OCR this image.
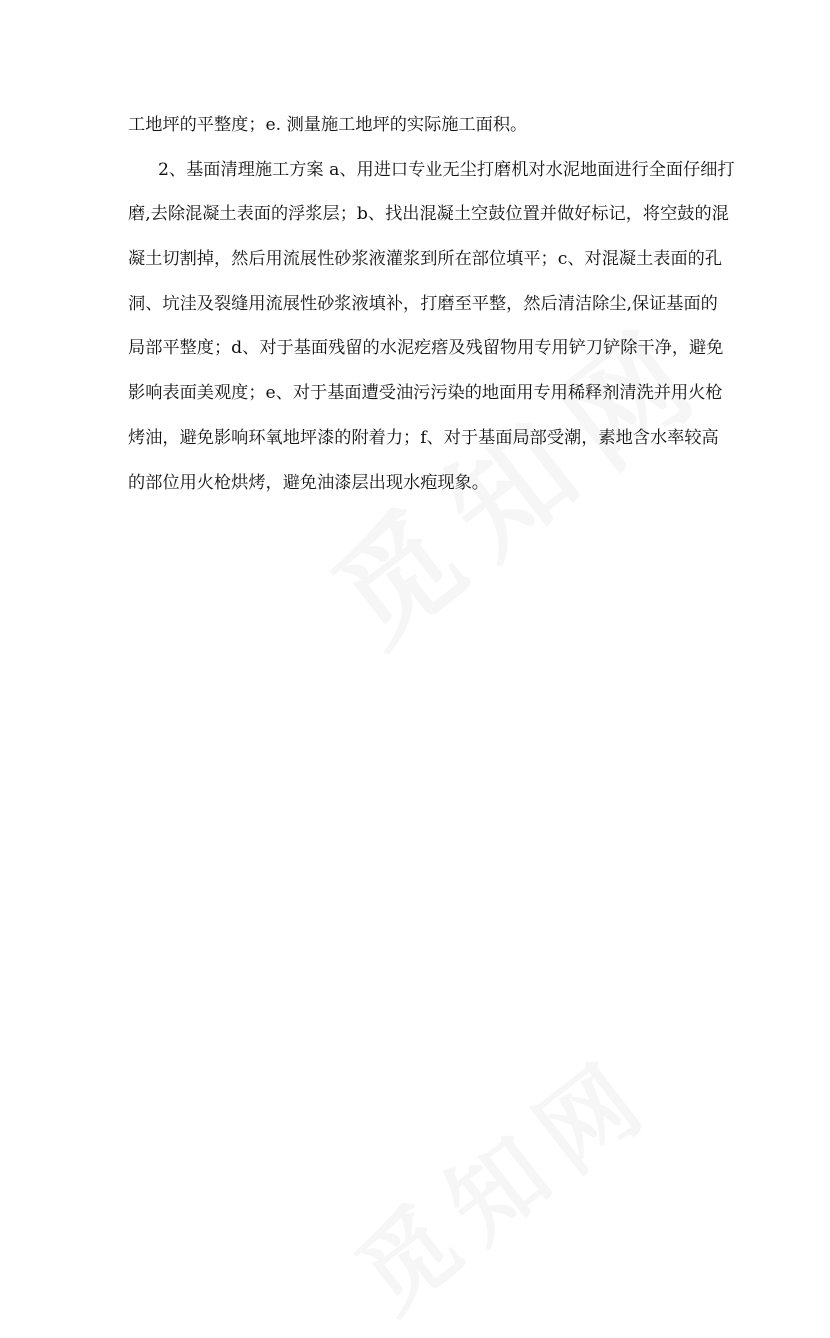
工地坪的平整度；e. 测量施工地坪的实际施工面积。
2、基面清理施工方案 a、用进口专业无尘打磨机对水泥地面进行全面仔细打
磨,去除混凝土表面的浮浆层；b、找出混凝土空鼓位置并做好标记，将空鼓的混
凝土切割掉，然后用流展性砂浆液灌浆到所在部位填平；c、对混凝土表面的孔
洞、坑洼及裂缝用流展性砂浆液填补，打磨至平整，然后清洁除尘,保证基面的
局部平整度；d、对于基面残留的水泥疙瘩及残留物用专用铲刀铲除干净，避免
影响表面美观度；e、对于基面遭受油污污染的地面用专用稀释剂清洗并用火枪
烤油，避免影响环氧地坪漆的附着力；f、对于基面局部受潮，素地含水率较高
的部位用火枪烘烤，避免油漆层出现水疱现象。
